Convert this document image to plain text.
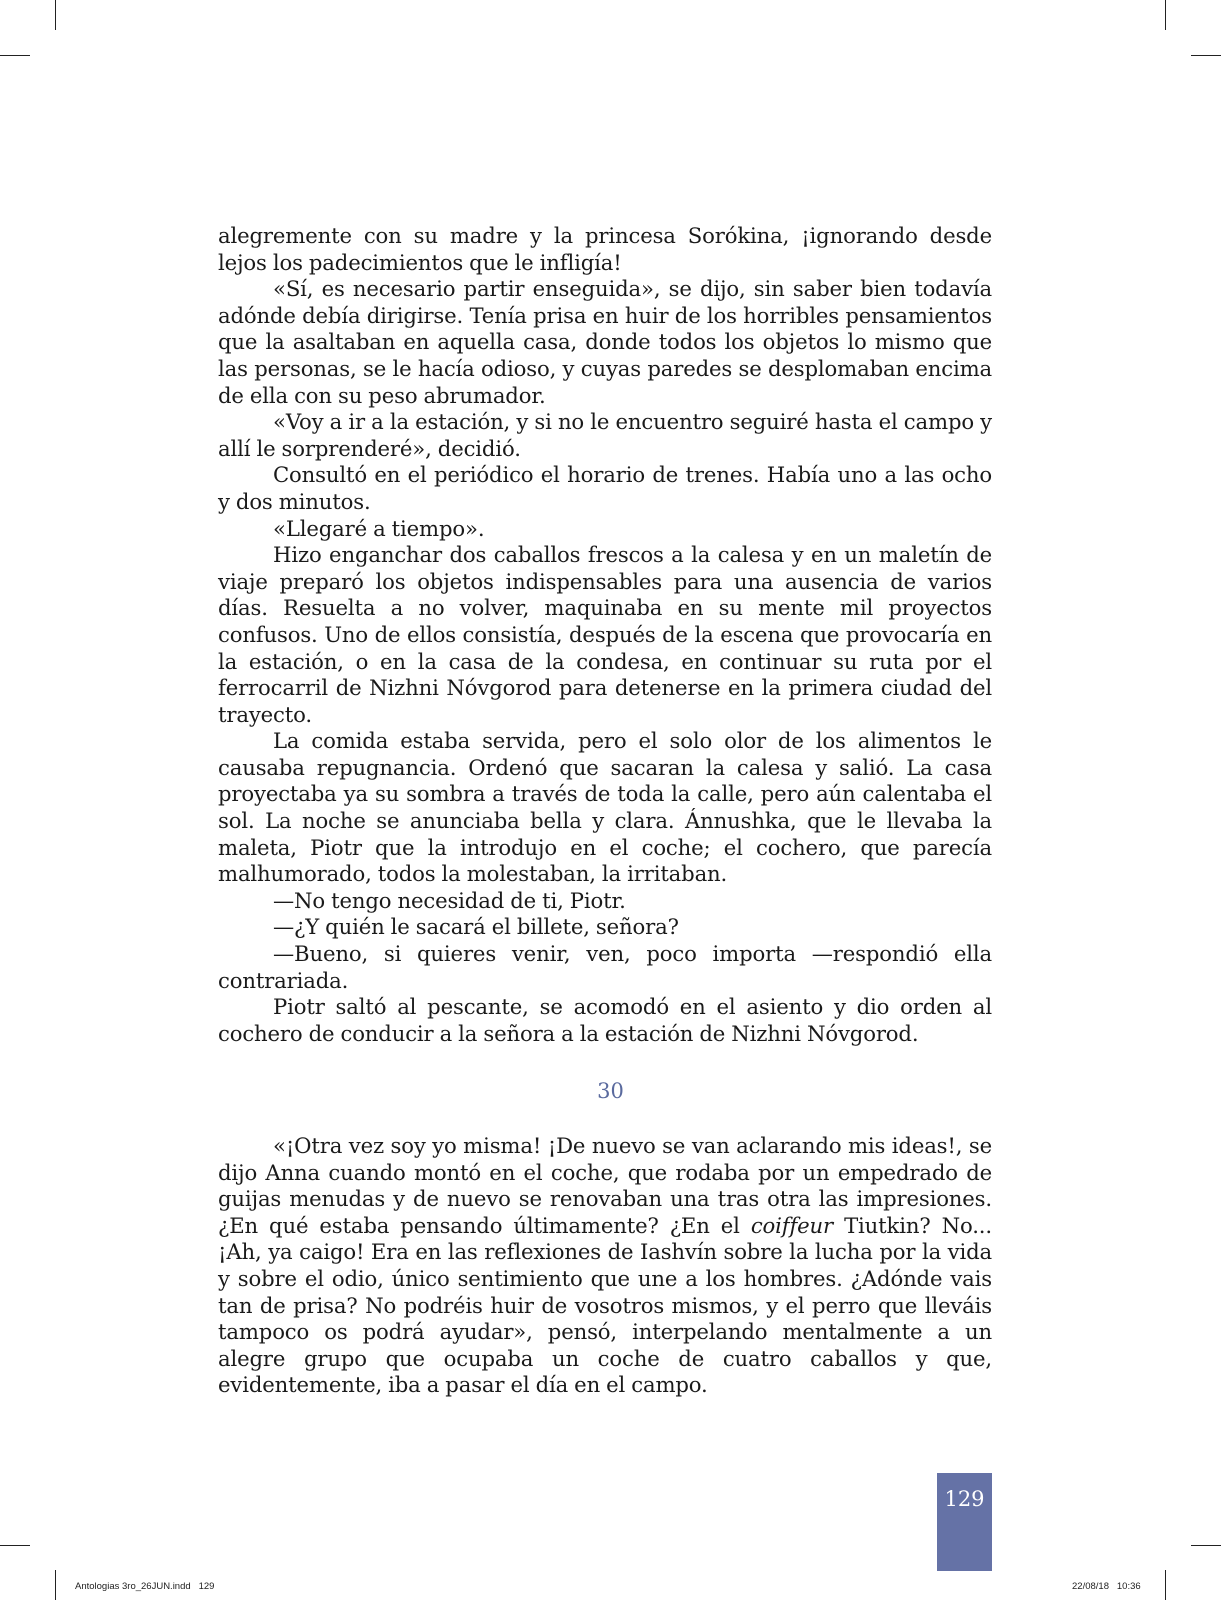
alegremente con su madre y la princesa Sorókina, ¡ignorando desde lejos los padecimientos que le infligía!

«Sí, es necesario partir enseguida», se dijo, sin saber bien todavía adónde debía dirigirse. Tenía prisa en huir de los horribles pensamientos que la asaltaban en aquella casa, donde todos los objetos lo mismo que las personas, se le hacía odioso, y cuyas paredes se desplomaban encima de ella con su peso abrumador.

«Voy a ir a la estación, y si no le encuentro seguiré hasta el campo y allí le sorprenderé», decidió.

Consultó en el periódico el horario de trenes. Había uno a las ocho y dos minutos.

«Llegaré a tiempo».

Hizo enganchar dos caballos frescos a la calesa y en un maletín de viaje preparó los objetos indispensables para una ausencia de varios días. Resuelta a no volver, maquinaba en su mente mil proyectos confusos. Uno de ellos consistía, después de la escena que provocaría en la estación, o en la casa de la condesa, en continuar su ruta por el ferrocarril de Nizhni Nóvgorod para detenerse en la primera ciudad del trayecto.

La comida estaba servida, pero el solo olor de los alimentos le causaba repugnancia. Ordenó que sacaran la calesa y salió. La casa proyectaba ya su sombra a través de toda la calle, pero aún calentaba el sol. La noche se anunciaba bella y clara. Ánnushka, que le llevaba la maleta, Piotr que la introdujo en el coche; el cochero, que parecía malhumorado, todos la molestaban, la irritaban.

—No tengo necesidad de ti, Piotr.

—¿Y quién le sacará el billete, señora?

—Bueno, si quieres venir, ven, poco importa —respondió ella contrariada.

Piotr saltó al pescante, se acomodó en el asiento y dio orden al cochero de conducir a la señora a la estación de Nizhni Nóvgorod.

30

«¡Otra vez soy yo misma! ¡De nuevo se van aclarando mis ideas!, se dijo Anna cuando montó en el coche, que rodaba por un empedrado de guijas menudas y de nuevo se renovaban una tras otra las impresiones. ¿En qué estaba pensando últimamente? ¿En el coiffeur Tiutkin? No... ¡Ah, ya caigo! Era en las reflexiones de Iashvín sobre la lucha por la vida y sobre el odio, único sentimiento que une a los hombres. ¿Adónde vais tan de prisa? No podréis huir de vosotros mismos, y el perro que lleváis tampoco os podrá ayudar», pensó, interpelando mentalmente a un alegre grupo que ocupaba un coche de cuatro caballos y que, evidentemente, iba a pasar el día en el campo.

129
Antologias 3ro_26JUN.indd   129	22/08/18   10:36
